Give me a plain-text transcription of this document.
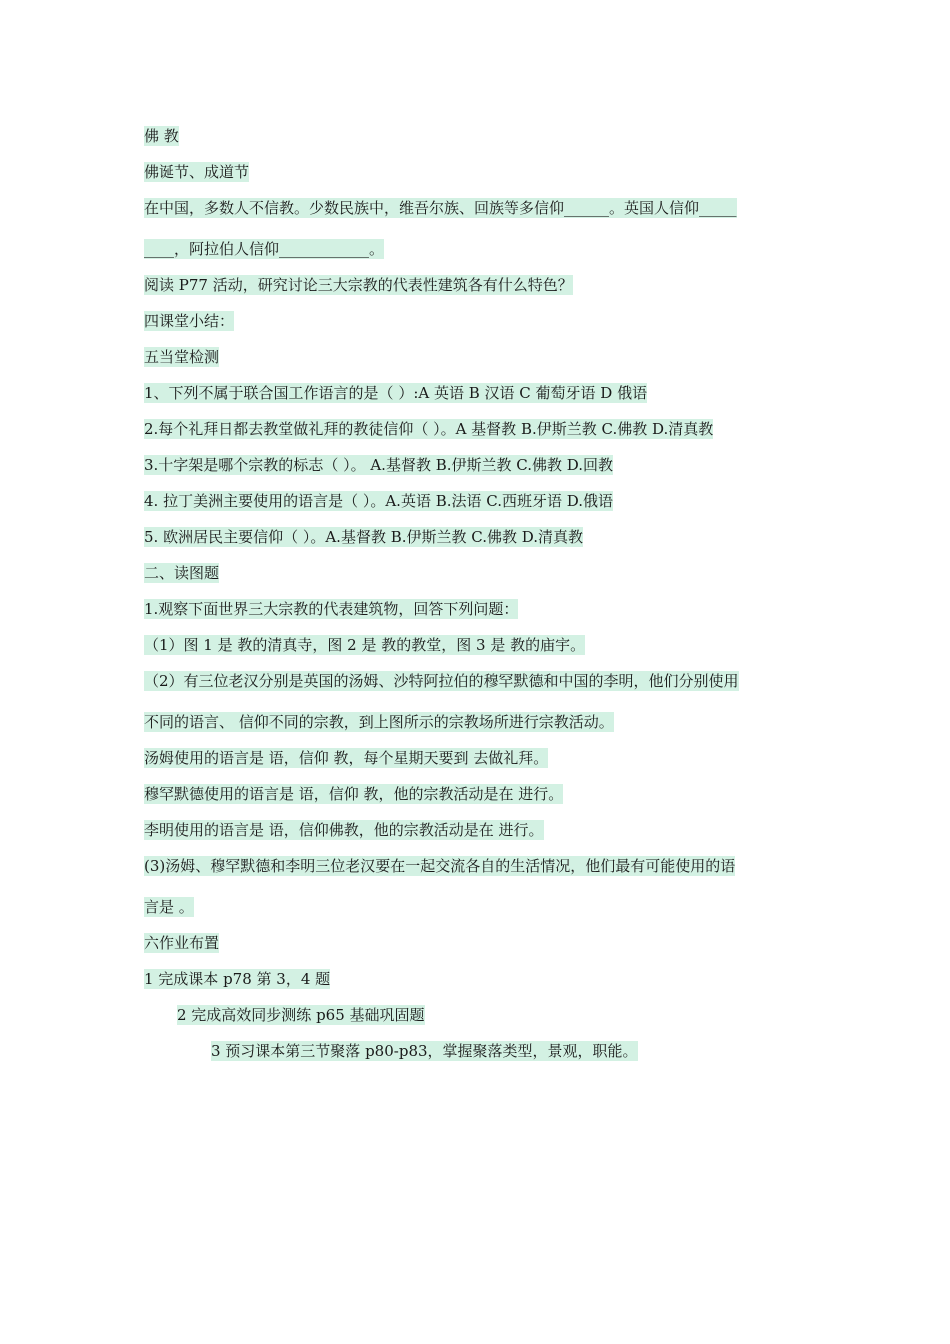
佛 教
佛诞节、成道节
在中国，多数人不信教。少数民族中，维吾尔族、回族等多信仰______。英国人信仰_____
____，阿拉伯人信仰____________。
阅读 P77 活动，研究讨论三大宗教的代表性建筑各有什么特色？
四课堂小结：
五当堂检测
1、下列不属于联合国工作语言的是（ ）:A 英语 B 汉语 C 葡萄牙语 D 俄语
2.每个礼拜日都去教堂做礼拜的教徒信仰（ ）。A 基督教 B.伊斯兰教 C.佛教 D.清真教
3.十字架是哪个宗教的标志（ ）。 A.基督教 B.伊斯兰教 C.佛教 D.回教
4. 拉丁美洲主要使用的语言是（ ）。A.英语 B.法语 C.西班牙语 D.俄语
5. 欧洲居民主要信仰（ ）。A.基督教 B.伊斯兰教 C.佛教 D.清真教
二、读图题
1.观察下面世界三大宗教的代表建筑物，回答下列问题：
（1）图 1 是 教的清真寺，图 2 是 教的教堂，图 3 是 教的庙宇。
（2）有三位老汉分别是英国的汤姆、沙特阿拉伯的穆罕默德和中国的李明，他们分别使用
不同的语言、 信仰不同的宗教，到上图所示的宗教场所进行宗教活动。
汤姆使用的语言是 语，信仰 教，每个星期天要到 去做礼拜。
穆罕默德使用的语言是 语，信仰 教，他的宗教活动是在 进行。
李明使用的语言是 语，信仰佛教，他的宗教活动是在 进行。
(3)汤姆、穆罕默德和李明三位老汉要在一起交流各自的生活情况，他们最有可能使用的语
言是 。
六作业布置
1 完成课本 p78 第 3，4 题
2 完成高效同步测练 p65 基础巩固题
3 预习课本第三节聚落 p80-p83，掌握聚落类型，景观，职能。
